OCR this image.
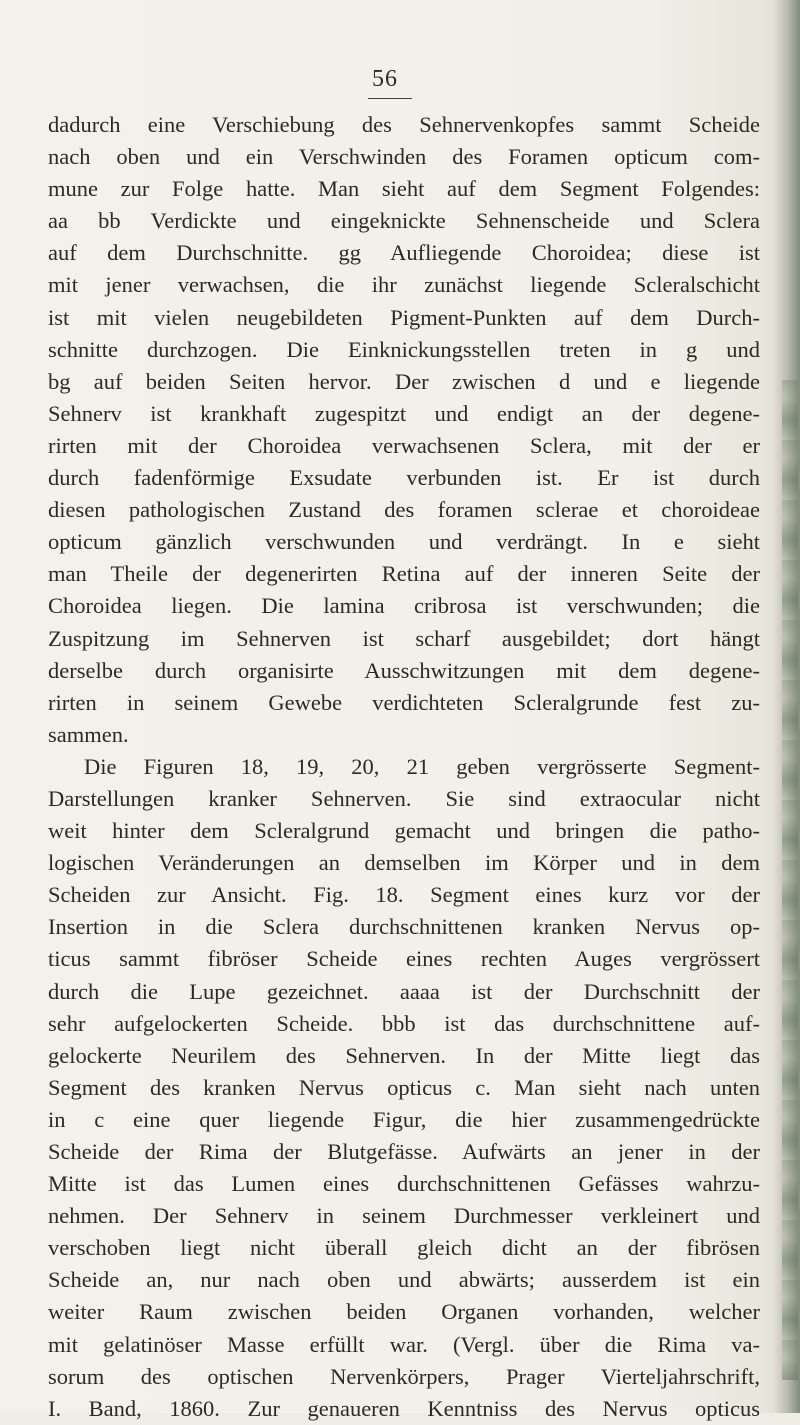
56
dadurch eine Verschiebung des Sehnervenkopfes sammt Scheide
nach oben und ein Verschwinden des Foramen opticum com-
mune zur Folge hatte. Man sieht auf dem Segment Folgendes:
aa bb Verdickte und eingeknickte Sehnenscheide und Sclera
auf dem Durchschnitte. gg Aufliegende Choroidea; diese ist
mit jener verwachsen, die ihr zunächst liegende Scleralschicht
ist mit vielen neugebildeten Pigment-Punkten auf dem Durch-
schnitte durchzogen. Die Einknickungsstellen treten in g und
bg auf beiden Seiten hervor. Der zwischen d und e liegende
Sehnerv ist krankhaft zugespitzt und endigt an der degene-
rirten mit der Choroidea verwachsenen Sclera, mit der er
durch fadenförmige Exsudate verbunden ist. Er ist durch
diesen pathologischen Zustand des foramen sclerae et choroideae
opticum gänzlich verschwunden und verdrängt. In e sieht
man Theile der degenerirten Retina auf der inneren Seite der
Choroidea liegen. Die lamina cribrosa ist verschwunden; die
Zuspitzung im Sehnerven ist scharf ausgebildet; dort hängt
derselbe durch organisirte Ausschwitzungen mit dem degene-
rirten in seinem Gewebe verdichteten Scleralgrunde fest zu-
sammen.
Die Figuren 18, 19, 20, 21 geben vergrösserte Segment-
Darstellungen kranker Sehnerven. Sie sind extraocular nicht
weit hinter dem Scleralgrund gemacht und bringen die patho-
logischen Veränderungen an demselben im Körper und in dem
Scheiden zur Ansicht. Fig. 18. Segment eines kurz vor der
Insertion in die Sclera durchschnittenen kranken Nervus op-
ticus sammt fibröser Scheide eines rechten Auges vergrössert
durch die Lupe gezeichnet. aaaa ist der Durchschnitt der
sehr aufgelockerten Scheide. bbb ist das durchschnittene auf-
gelockerte Neurilem des Sehnerven. In der Mitte liegt das
Segment des kranken Nervus opticus c. Man sieht nach unten
in c eine quer liegende Figur, die hier zusammengedrückte
Scheide der Rima der Blutgefässe. Aufwärts an jener in der
Mitte ist das Lumen eines durchschnittenen Gefässes wahrzu-
nehmen. Der Sehnerv in seinem Durchmesser verkleinert und
verschoben liegt nicht überall gleich dicht an der fibrösen
Scheide an, nur nach oben und abwärts; ausserdem ist ein
weiter Raum zwischen beiden Organen vorhanden, welcher
mit gelatinöser Masse erfüllt war. (Vergl. über die Rima va-
sorum des optischen Nervenkörpers, Prager Vierteljahrschrift,
I. Band, 1860. Zur genaueren Kenntniss des Nervus opticus
